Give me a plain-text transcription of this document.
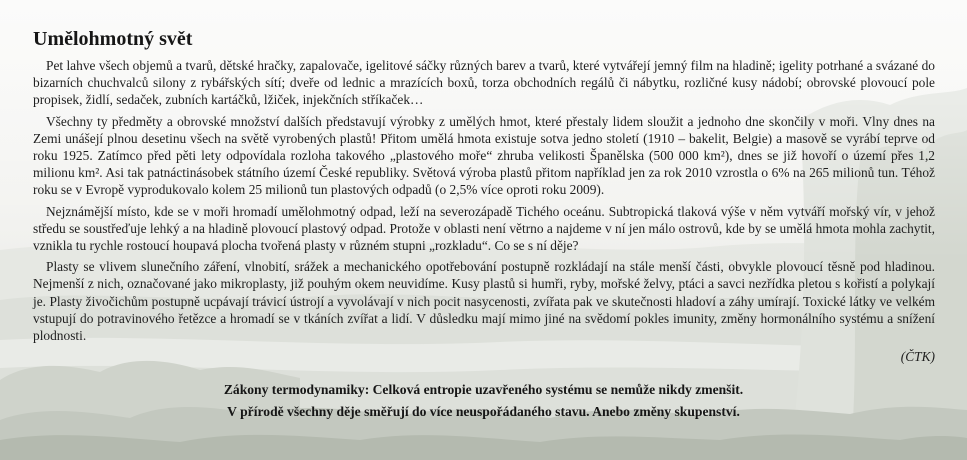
Umělohmotný svět

Pet lahve všech objemů a tvarů, dětské hračky, zapalovače, igelitové sáčky různých barev a tvarů, které vytvářejí jemný film na hladině; igelity potrhané a svázané do bizarních chuchvalců silony z rybářských sítí; dveře od lednic a mrazících boxů, torza obchodních regálů či nábytku, rozličné kusy nádobí; obrovské plovoucí pole propisek, židlí, sedaček, zubních kartáčků, lžiček, injekčních stříkaček…

Všechny ty předměty a obrovské množství dalších představují výrobky z umělých hmot, které přestaly lidem sloužit a jednoho dne skončily v moři. Vlny dnes na Zemi unášejí plnou desetinu všech na světě vyrobených plastů! Přitom umělá hmota existuje sotva jedno století (1910 – bakelit, Belgie) a masově se vyrábí teprve od roku 1925. Zatímco před pěti lety odpovídala rozloha takového „plastového moře“ zhruba velikosti Španělska (500 000 km²), dnes se již hovoří o území přes 1,2 milionu km². Asi tak patnáctinásobek státního území České republiky. Světová výroba plastů přitom například jen za rok 2010 vzrostla o 6% na 265 milionů tun. Téhož roku se v Evropě vyprodukovalo kolem 25 milionů tun plastových odpadů (o 2,5% více oproti roku 2009).

Nejznámější místo, kde se v moři hromadí umělohmotný odpad, leží na severozápadě Tichého oceánu. Subtropická tlaková výše v něm vytváří mořský vír, v jehož středu se soustřeďuje lehký a na hladině plovoucí plastový odpad. Protože v oblasti není větrno a najdeme v ní jen málo ostrovů, kde by se umělá hmota mohla zachytit, vznikla tu rychle rostoucí houpavá plocha tvořená plasty v různém stupni „rozkladu“. Co se s ní děje?

Plasty se vlivem slunečního záření, vlnobití, srážek a mechanického opotřebování postupně rozkládají na stále menší části, obvykle plovoucí těsně pod hladinou. Nejmenší z nich, označované jako mikroplasty, již pouhým okem neuvidíme. Kusy plastů si humři, ryby, mořské želvy, ptáci a savci nezřídka pletou s kořistí a polykají je. Plasty živočichům postupně ucpávají trávicí ústrojí a vyvolávají v nich pocit nasycenosti, zvířata pak ve skutečnosti hladoví a záhy umírají. Toxické látky ve velkém vstupují do potravinového řetězce a hromadí se v tkáních zvířat a lidí. V důsledku mají mimo jiné na svědomí pokles imunity, změny hormonálního systému a snížení plodnosti.

(ČTK)

Zákony termodynamiky: Celková entropie uzavřeného systému se nemůže nikdy zmenšit.

V přírodě všechny děje směřují do více neuspořádaného stavu. Anebo změny skupenství.
